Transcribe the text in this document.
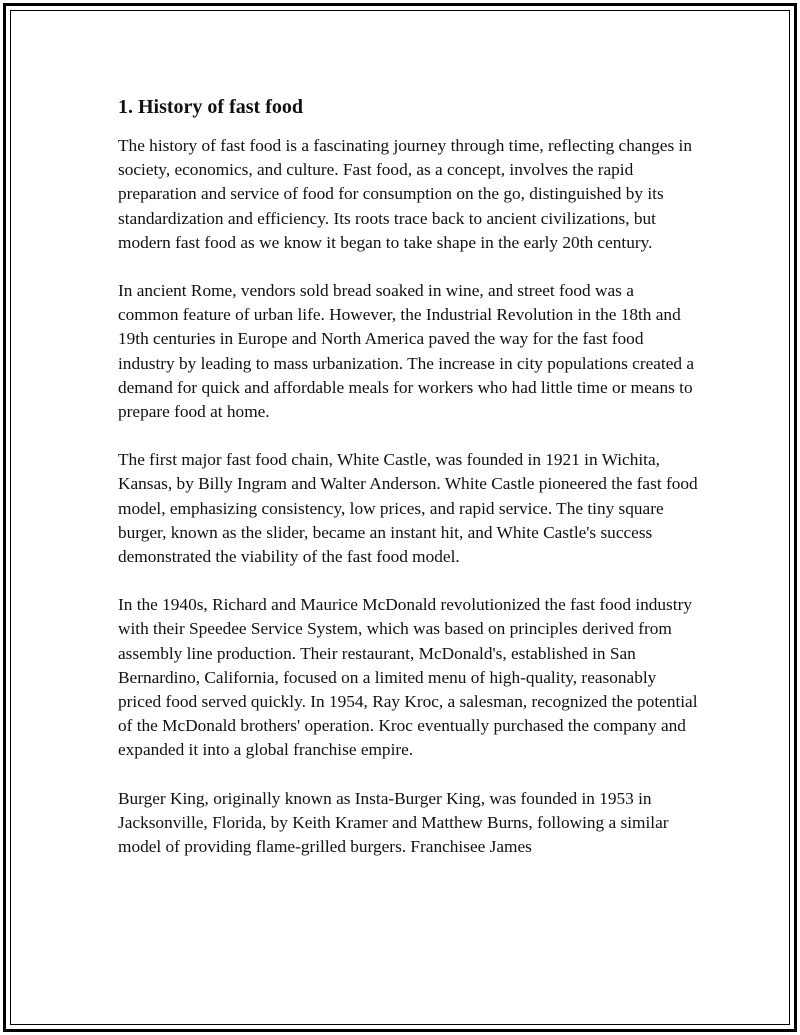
1. History of fast food

The history of fast food is a fascinating journey through time, reflecting changes in society, economics, and culture. Fast food, as a concept, involves the rapid preparation and service of food for consumption on the go, distinguished by its standardization and efficiency. Its roots trace back to ancient civilizations, but modern fast food as we know it began to take shape in the early 20th century.

In ancient Rome, vendors sold bread soaked in wine, and street food was a common feature of urban life. However, the Industrial Revolution in the 18th and 19th centuries in Europe and North America paved the way for the fast food industry by leading to mass urbanization. The increase in city populations created a demand for quick and affordable meals for workers who had little time or means to prepare food at home.

The first major fast food chain, White Castle, was founded in 1921 in Wichita, Kansas, by Billy Ingram and Walter Anderson. White Castle pioneered the fast food model, emphasizing consistency, low prices, and rapid service. The tiny square burger, known as the slider, became an instant hit, and White Castle's success demonstrated the viability of the fast food model.

In the 1940s, Richard and Maurice McDonald revolutionized the fast food industry with their Speedee Service System, which was based on principles derived from assembly line production. Their restaurant, McDonald's, established in San Bernardino, California, focused on a limited menu of high-quality, reasonably priced food served quickly. In 1954, Ray Kroc, a salesman, recognized the potential of the McDonald brothers' operation. Kroc eventually purchased the company and expanded it into a global franchise empire.

Burger King, originally known as Insta-Burger King, was founded in 1953 in Jacksonville, Florida, by Keith Kramer and Matthew Burns, following a similar model of providing flame-grilled burgers. Franchisee James
